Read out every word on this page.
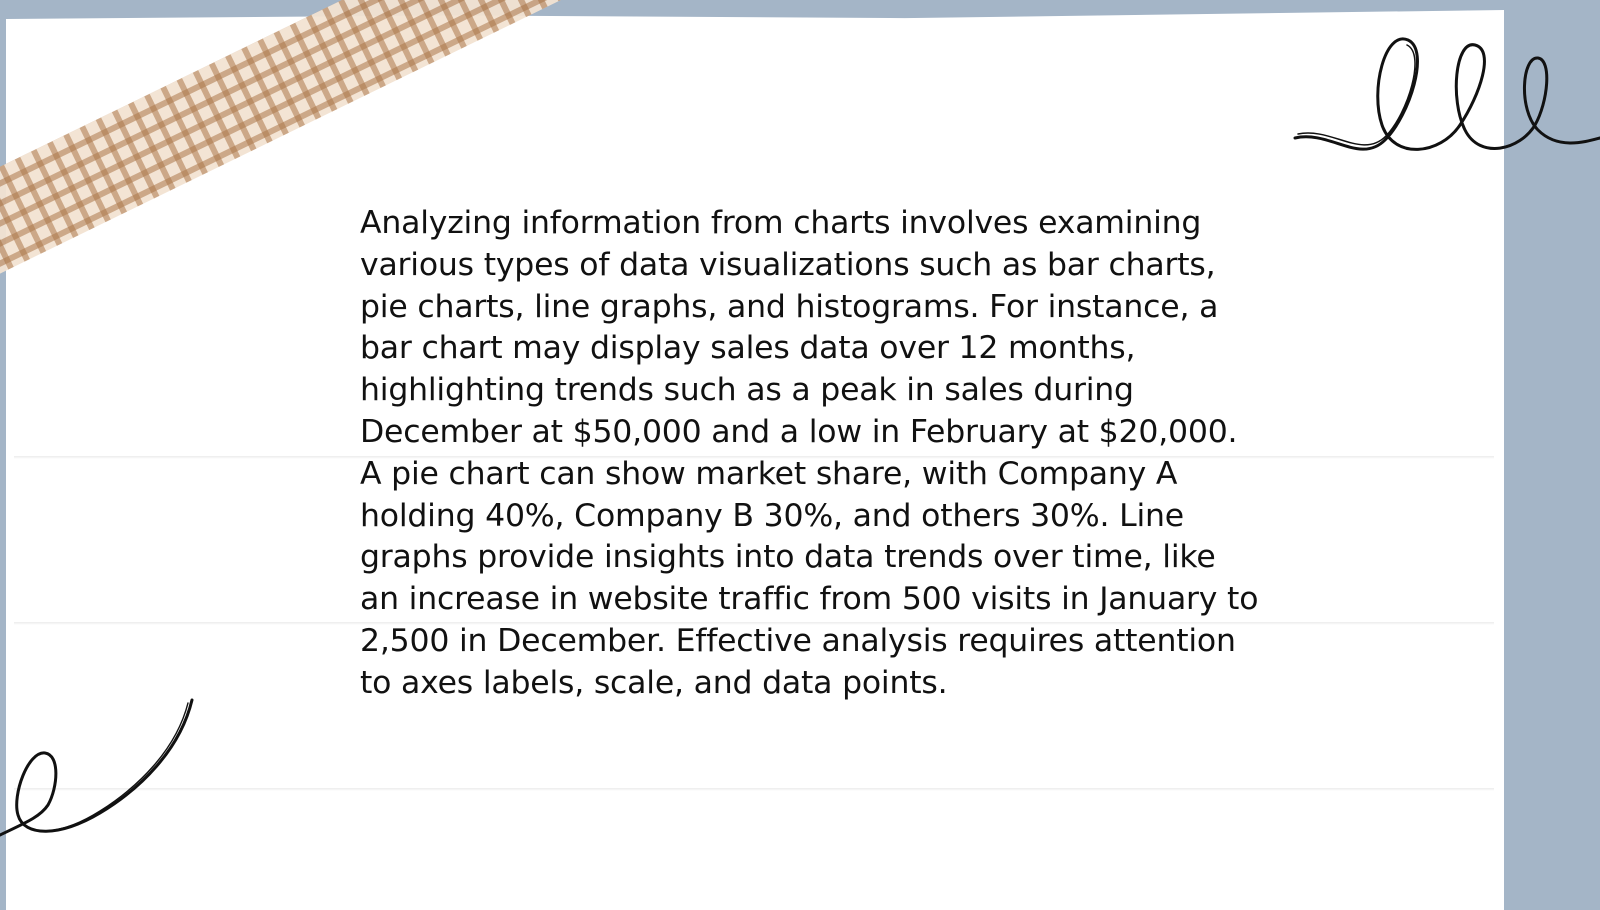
Analyzing information from charts involves examining various types of data visualizations such as bar charts, pie charts, line graphs, and histograms. For instance, a bar chart may display sales data over 12 months, highlighting trends such as a peak in sales during December at $50,000 and a low in February at $20,000. A pie chart can show market share, with Company A holding 40%, Company B 30%, and others 30%. Line graphs provide insights into data trends over time, like an increase in website traffic from 500 visits in January to 2,500 in December. Effective analysis requires attention to axes labels, scale, and data points.
